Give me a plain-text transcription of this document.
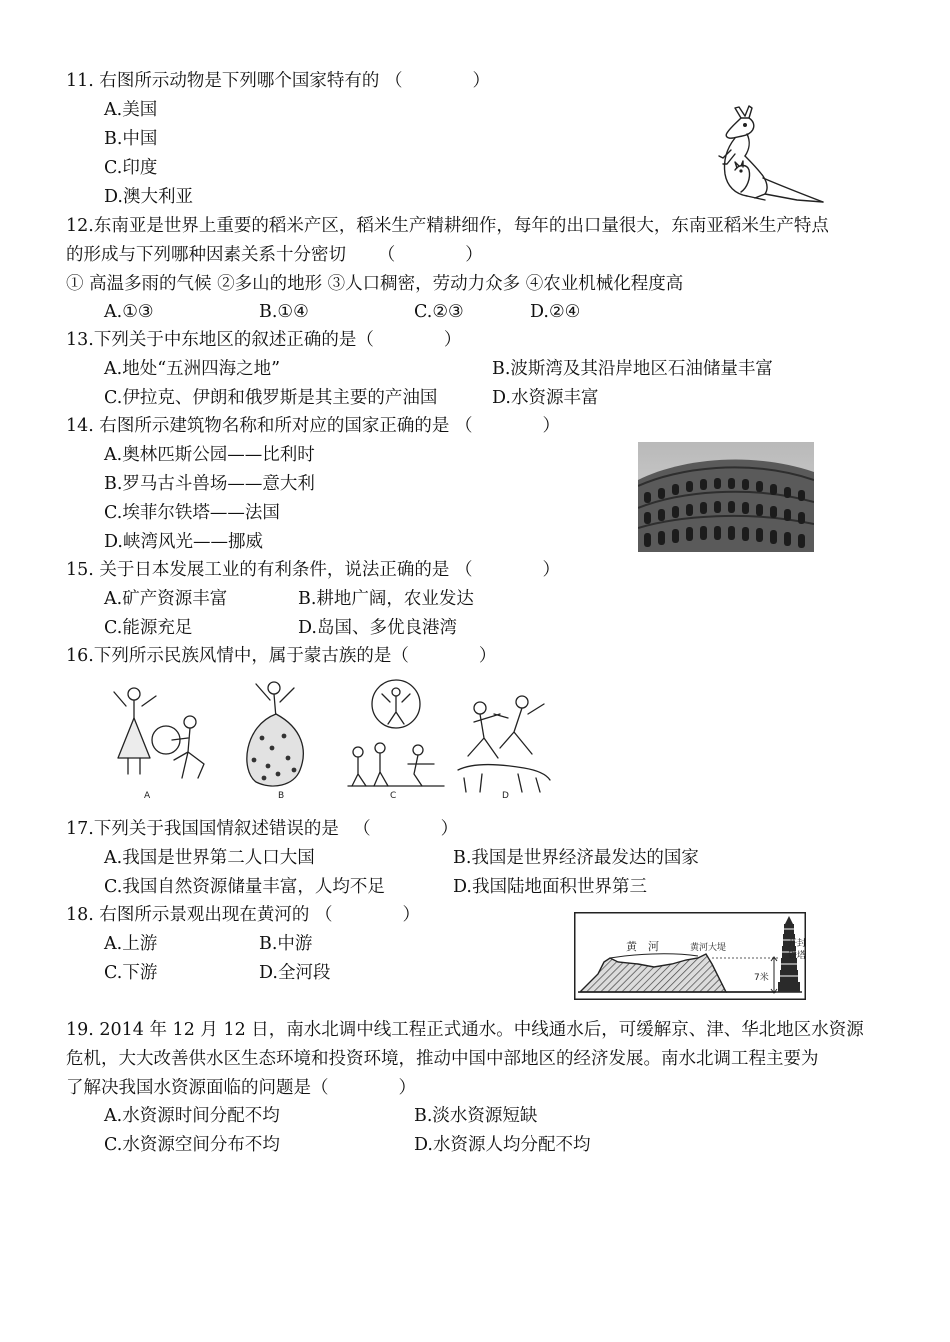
11. 右图所示动物是下列哪个国家特有的 （　　　　）
A.美国
B.中国
C.印度
D.澳大利亚
12.东南亚是世界上重要的稻米产区，稻米生产精耕细作，每年的出口量很大，东南亚稻米生产特点
的形成与下列哪种因素关系十分密切 　　（　　　　）
① 高温多雨的气候 ②多山的地形 ③人口稠密，劳动力众多 ④农业机械化程度高
A.①③	B.①④	C.②③	D.②④
13.下列关于中东地区的叙述正确的是（　　　　）
A.地处“五洲四海之地”	B.波斯湾及其沿岸地区石油储量丰富
C.伊拉克、伊朗和俄罗斯是其主要的产油国	D.水资源丰富
14. 右图所示建筑物名称和所对应的国家正确的是 （　　　　）
A.奥林匹斯公园——比利时
B.罗马古斗兽场——意大利
C.埃菲尔铁塔——法国
D.峡湾风光——挪威
15. 关于日本发展工业的有利条件，说法正确的是 （　　　　）
A.矿产资源丰富	B.耕地广阔，农业发达
C.能源充足	D.岛国、多优良港湾
16.下列所示民族风情中，属于蒙古族的是（　　　　）
A	B	C	D
17.下列关于我国国情叙述错误的是 　（　　　　）
A.我国是世界第二人口大国	B.我国是世界经济最发达的国家
C.我国自然资源储量丰富，人均不足	D.我国陆地面积世界第三
18. 右图所示景观出现在黄河的 （　　　　）
A.上游	B.中游
C.下游	D.全河段
黄　河	黄河大堤	开封
铁塔
7米
19. 2014 年 12 月 12 日，南水北调中线工程正式通水。中线通水后，可缓解京、津、华北地区水资源
危机，大大改善供水区生态环境和投资环境，推动中国中部地区的经济发展。南水北调工程主要为
了解决我国水资源面临的问题是（　　　　）
A.水资源时间分配不均	B.淡水资源短缺
C.水资源空间分布不均	D.水资源人均分配不均
